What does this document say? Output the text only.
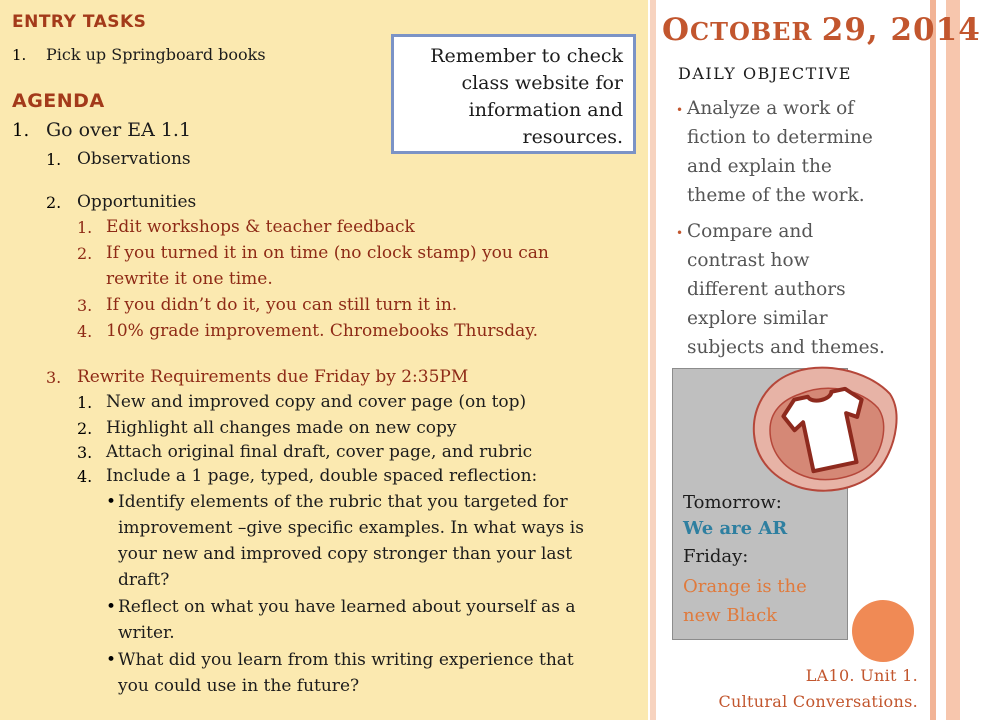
ENTRY TASKS
1. Pick up Springboard books
AGENDA
1. Go over EA 1.1
1. Observations
2. Opportunities
1. Edit workshops & teacher feedback
2. If you turned it in on time (no clock stamp) you can
rewrite it one time.
3. If you didn’t do it, you can still turn it in.
4. 10% grade improvement. Chromebooks Thursday.
3. Rewrite Requirements due Friday by 2:35PM
1. New and improved copy and cover page (on top)
2. Highlight all changes made on new copy
3. Attach original final draft, cover page, and rubric
4. Include a 1 page, typed, double spaced reflection:
• Identify elements of the rubric that you targeted for
improvement –give specific examples. In what ways is
your new and improved copy stronger than your last
draft?
• Reflect on what you have learned about yourself as a
writer.
• What did you learn from this writing experience that
you could use in the future?
Remember to check
class website for
information and
resources.
OCTOBER 29, 2014
DAILY OBJECTIVE
• Analyze a work of
fiction to determine
and explain the
theme of the work.
• Compare and
contrast how
different authors
explore similar
subjects and themes.
Tomorrow:
We are AR
Friday:
Orange is the
new Black
LA10. Unit 1.
Cultural Conversations.
